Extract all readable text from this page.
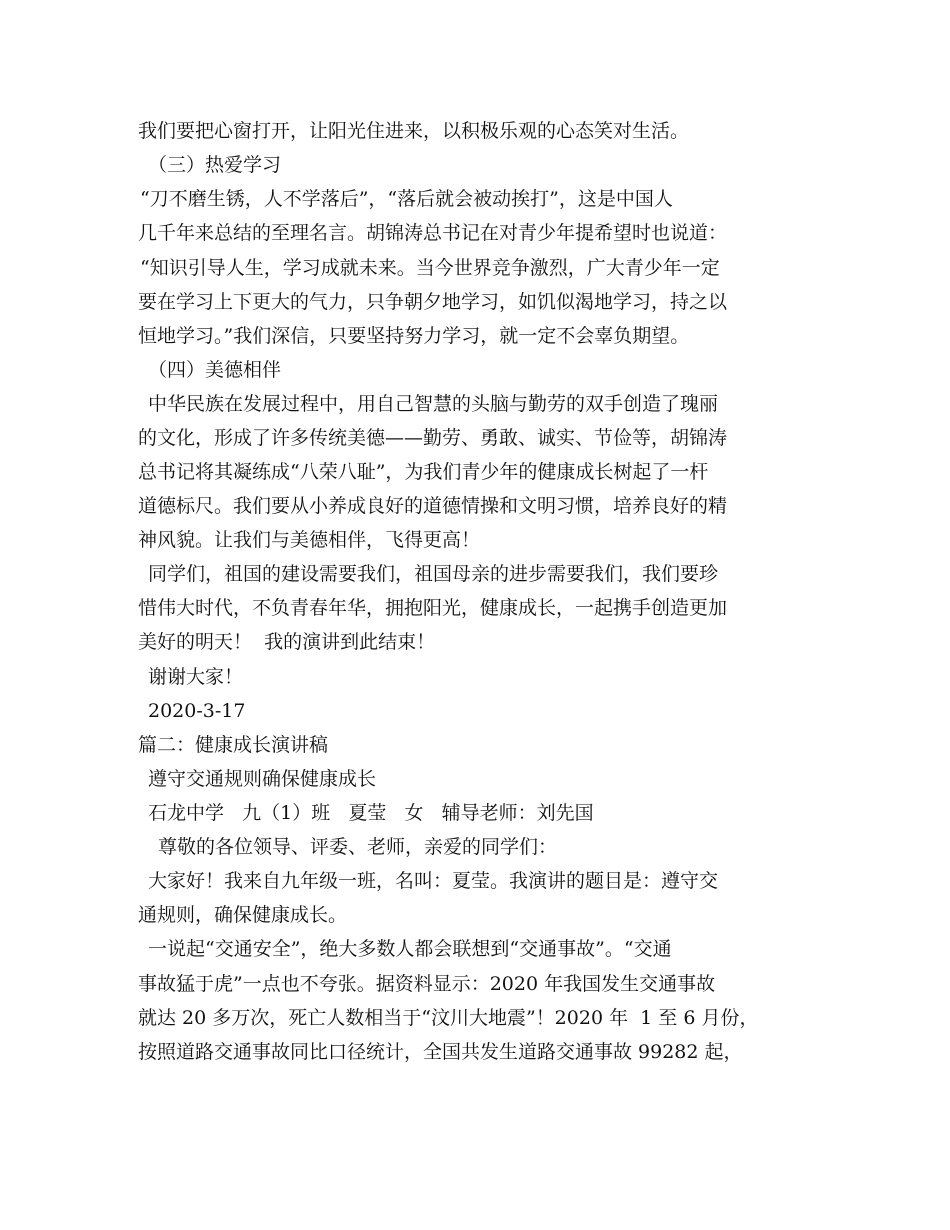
我们要把心窗打开，让阳光住进来，以积极乐观的心态笑对生活。
（三）热爱学习
“刀不磨生锈，人不学落后”，“落后就会被动挨打”，这是中国人
几千年来总结的至理名言。胡锦涛总书记在对青少年提希望时也说道：
“知识引导人生，学习成就未来。当今世界竞争激烈，广大青少年一定
要在学习上下更大的气力，只争朝夕地学习，如饥似渴地学习，持之以
恒地学习。”我们深信，只要坚持努力学习，就一定不会辜负期望。
（四）美德相伴
中华民族在发展过程中，用自己智慧的头脑与勤劳的双手创造了瑰丽
的文化，形成了许多传统美德——勤劳、勇敢、诚实、节俭等，胡锦涛
总书记将其凝练成“八荣八耻”，为我们青少年的健康成长树起了一杆
道德标尺。我们要从小养成良好的道德情操和文明习惯，培养良好的精
神风貌。让我们与美德相伴，飞得更高！
同学们，祖国的建设需要我们，祖国母亲的进步需要我们，我们要珍
惜伟大时代，不负青春年华，拥抱阳光，健康成长，一起携手创造更加
美好的明天！  我的演讲到此结束！
谢谢大家！
2020-3-17
篇二：健康成长演讲稿
遵守交通规则确保健康成长
石龙中学   九（1）班   夏莹   女   辅导老师：刘先国
尊敬的各位领导、评委、老师，亲爱的同学们：
大家好！我来自九年级一班，名叫：夏莹。我演讲的题目是：遵守交
通规则，确保健康成长。
一说起“交通安全”，绝大多数人都会联想到“交通事故”。“交通
事故猛于虎”一点也不夸张。据资料显示：2020 年我国发生交通事故
就达 20 多万次，死亡人数相当于“汶川大地震”！2020 年  1 至 6 月份，
按照道路交通事故同比口径统计，全国共发生道路交通事故 99282 起，
